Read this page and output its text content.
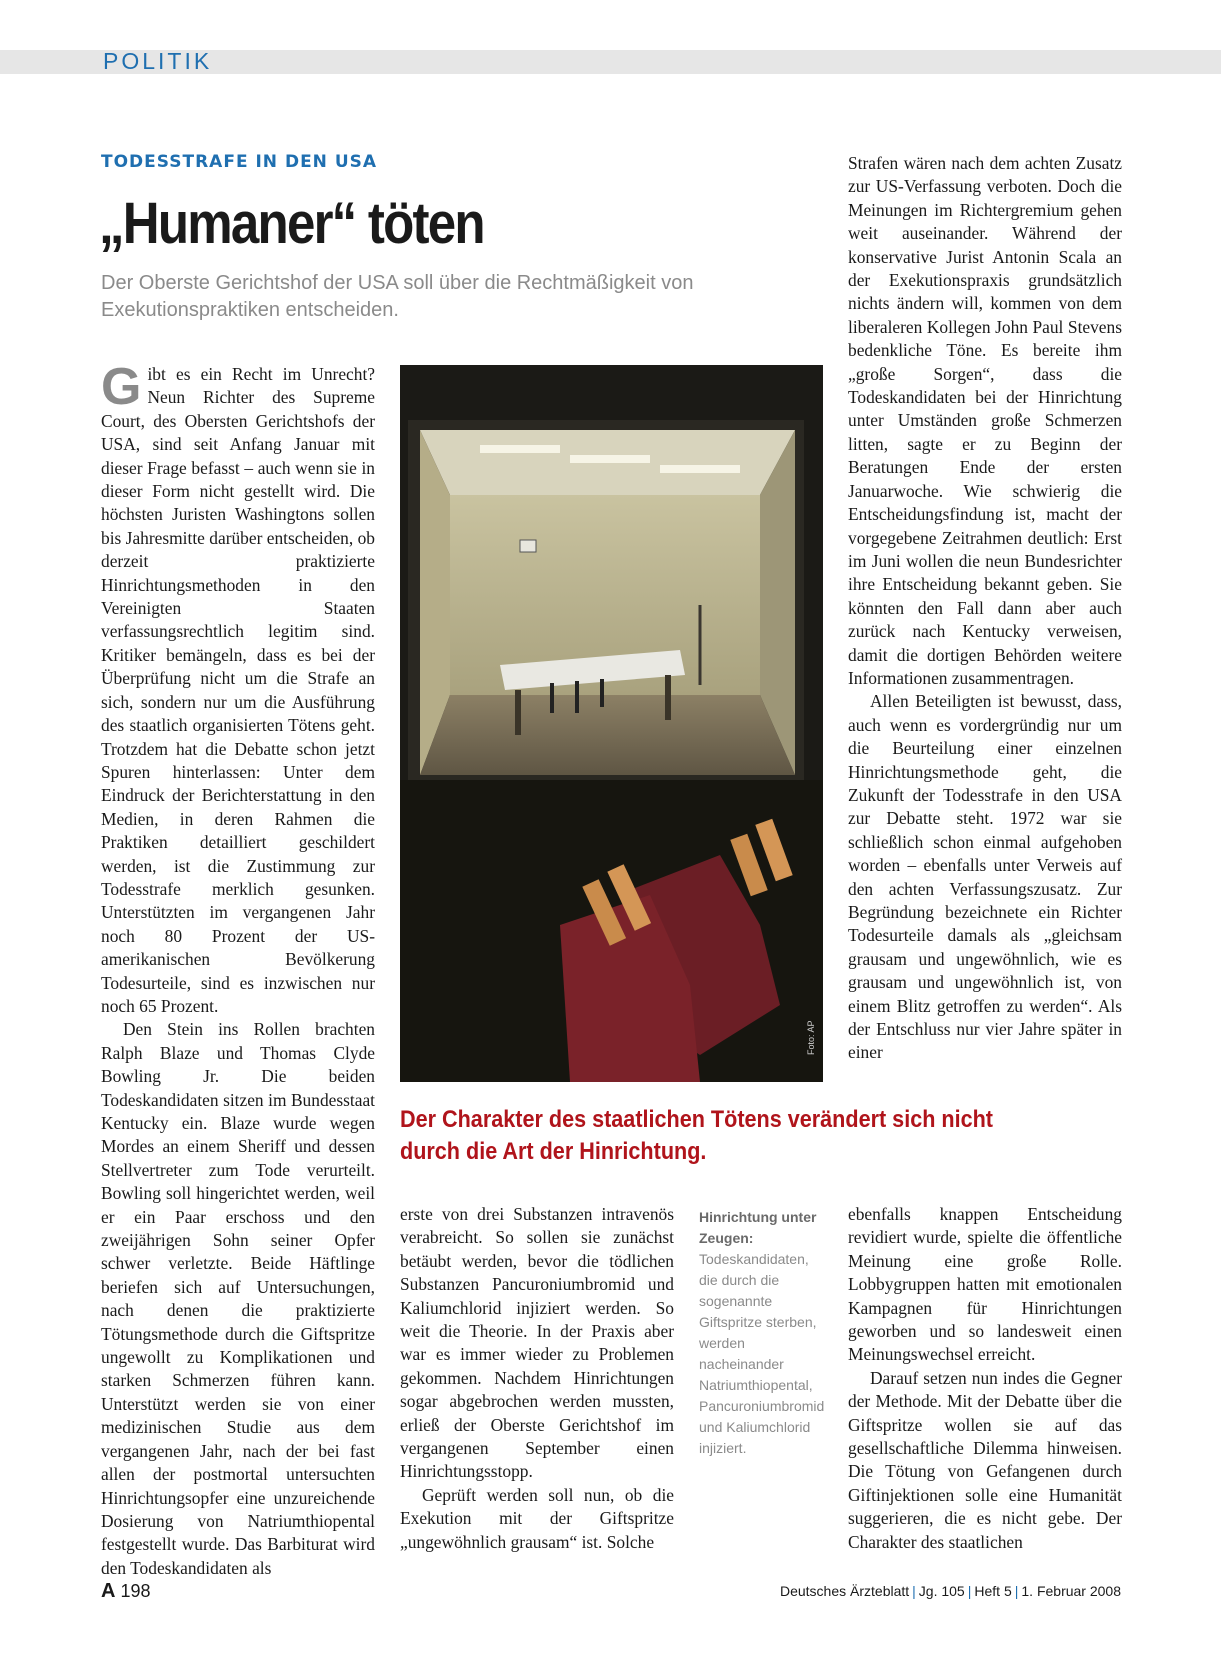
POLITIK
TODESSTRAFE IN DEN USA
„Humaner“ töten
Der Oberste Gerichtshof der USA soll über die Rechtmäßigkeit von Exekutionspraktiken entscheiden.

Gibt es ein Recht im Unrecht? Neun Richter des Supreme Court, des Obersten Gerichtshofs der USA, sind seit Anfang Januar mit dieser Frage befasst – auch wenn sie in dieser Form nicht gestellt wird. Die höchsten Juristen Washingtons sollen bis Jahresmitte darüber entscheiden, ob derzeit praktizierte Hinrichtungsmethoden in den Vereinigten Staaten verfassungsrechtlich legitim sind. Kritiker bemängeln, dass es bei der Überprüfung nicht um die Strafe an sich, sondern nur um die Ausführung des staatlich organisierten Tötens geht. Trotzdem hat die Debatte schon jetzt Spuren hinterlassen: Unter dem Eindruck der Berichterstattung in den Medien, in deren Rahmen die Praktiken detailliert geschildert werden, ist die Zustimmung zur Todesstrafe merklich gesunken. Unterstützten im vergangenen Jahr noch 80 Prozent der US-amerikanischen Bevölkerung Todesurteile, sind es inzwischen nur noch 65 Prozent.

Den Stein ins Rollen brachten Ralph Blaze und Thomas Clyde Bowling Jr. Die beiden Todeskandidaten sitzen im Bundesstaat Kentucky ein. Blaze wurde wegen Mordes an einem Sheriff und dessen Stellvertreter zum Tode verurteilt. Bowling soll hingerichtet werden, weil er ein Paar erschoss und den zweijährigen Sohn seiner Opfer schwer verletzte. Beide Häftlinge beriefen sich auf Untersuchungen, nach denen die praktizierte Tötungsmethode durch die Giftspritze ungewollt zu Komplikationen und starken Schmerzen führen kann. Unterstützt werden sie von einer medizinischen Studie aus dem vergangenen Jahr, nach der bei fast allen der postmortal untersuchten Hinrichtungsopfer eine unzureichende Dosierung von Natriumthiopental festgestellt wurde. Das Barbiturat wird den Todeskandidaten als

Foto: AP

Strafen wären nach dem achten Zusatz zur US-Verfassung verboten. Doch die Meinungen im Richtergremium gehen weit auseinander. Während der konservative Jurist Antonin Scala an der Exekutionspraxis grundsätzlich nichts ändern will, kommen von dem liberaleren Kollegen John Paul Stevens bedenkliche Töne. Es bereite ihm „große Sorgen“, dass die Todeskandidaten bei der Hinrichtung unter Umständen große Schmerzen litten, sagte er zu Beginn der Beratungen Ende der ersten Januarwoche. Wie schwierig die Entscheidungsfindung ist, macht der vorgegebene Zeitrahmen deutlich: Erst im Juni wollen die neun Bundesrichter ihre Entscheidung bekannt geben. Sie könnten den Fall dann aber auch zurück nach Kentucky verweisen, damit die dortigen Behörden weitere Informationen zusammentragen.

Allen Beteiligten ist bewusst, dass, auch wenn es vordergründig nur um die Beurteilung einer einzelnen Hinrichtungsmethode geht, die Zukunft der Todesstrafe in den USA zur Debatte steht. 1972 war sie schließlich schon einmal aufgehoben worden – ebenfalls unter Verweis auf den achten Verfassungszusatz. Zur Begründung bezeichnete ein Richter Todesurteile damals als „gleichsam grausam und ungewöhnlich, wie es grausam und ungewöhnlich ist, von einem Blitz getroffen zu werden“. Als der Entschluss nur vier Jahre später in einer

Der Charakter des staatlichen Tötens verändert sich nicht durch die Art der Hinrichtung.

erste von drei Substanzen intravenös verabreicht. So sollen sie zunächst betäubt werden, bevor die tödlichen Substanzen Pancuroniumbromid und Kaliumchlorid injiziert werden. So weit die Theorie. In der Praxis aber war es immer wieder zu Problemen gekommen. Nachdem Hinrichtungen sogar abgebrochen werden mussten, erließ der Oberste Gerichtshof im vergangenen September einen Hinrichtungsstopp.

Geprüft werden soll nun, ob die Exekution mit der Giftspritze „ungewöhnlich grausam“ ist. Solche

Hinrichtung unter Zeugen: Todeskandidaten, die durch die sogenannte Giftspritze sterben, werden nacheinander Natriumthiopental, Pancuroniumbromid und Kaliumchlorid injiziert.

ebenfalls knappen Entscheidung revidiert wurde, spielte die öffentliche Meinung eine große Rolle. Lobbygruppen hatten mit emotionalen Kampagnen für Hinrichtungen geworben und so landesweit einen Meinungswechsel erreicht.

Darauf setzen nun indes die Gegner der Methode. Mit der Debatte über die Giftspritze wollen sie auf das gesellschaftliche Dilemma hinweisen. Die Tötung von Gefangenen durch Giftinjektionen solle eine Humanität suggerieren, die es nicht gebe. Der Charakter des staatlichen

A 198	Deutsches Ärzteblatt | Jg. 105 | Heft 5 | 1. Februar 2008
